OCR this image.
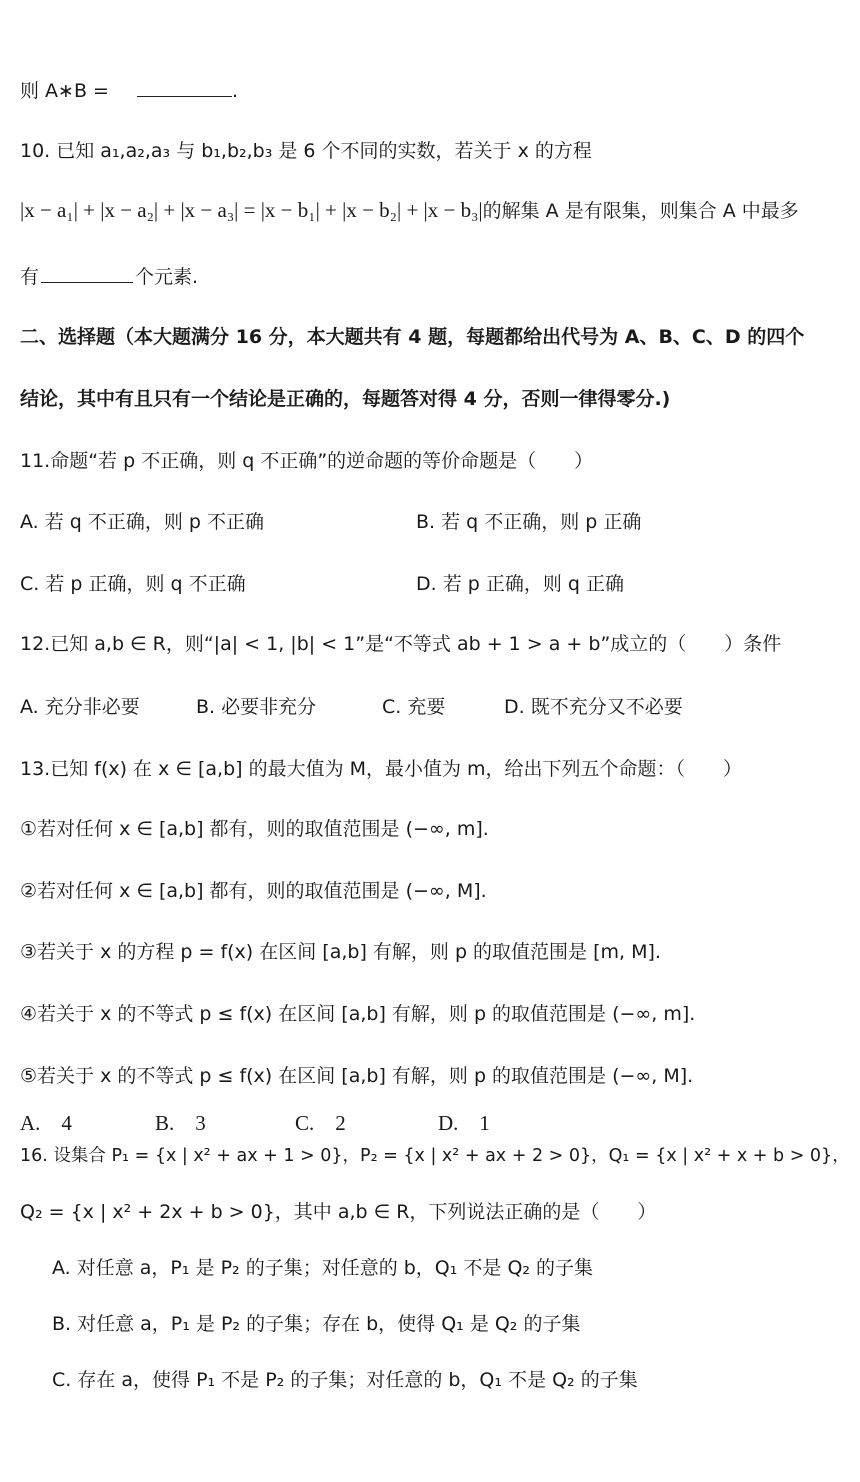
则 A∗B =	.
10. 已知 a₁,a₂,a₃ 与 b₁,b₂,b₃ 是 6 个不同的实数，若关于 x 的方程
|x − a₁| + |x − a₂| + |x − a₃| = |x − b₁| + |x − b₂| + |x − b₃|的解集 A 是有限集，则集合 A 中最多
有	个元素.
二、选择题（本大题满分 16 分，本大题共有 4 题，每题都给出代号为 A、B、C、D 的四个
结论，其中有且只有一个结论是正确的，每题答对得 4 分，否则一律得零分.)
11.命题“若 p 不正确，则 q 不正确”的逆命题的等价命题是（　　）
A. 若 q 不正确，则 p 不正确	B. 若 q 不正确，则 p 正确
C. 若 p 正确，则 q 不正确	D. 若 p 正确，则 q 正确
12.已知 a,b ∈ R，则“|a| < 1, |b| < 1”是“不等式 ab + 1 > a + b”成立的（　　）条件
A. 充分非必要	B. 必要非充分	C. 充要	D. 既不充分又不必要
13.已知 f(x) 在 x ∈ [a,b] 的最大值为 M，最小值为 m，给出下列五个命题：（　　）
①若对任何 x ∈ [a,b] 都有，则的取值范围是 (−∞, m].
②若对任何 x ∈ [a,b] 都有，则的取值范围是 (−∞, M].
③若关于 x 的方程 p = f(x) 在区间 [a,b] 有解，则 p 的取值范围是 [m, M].
④若关于 x 的不等式 p ≤ f(x) 在区间 [a,b] 有解，则 p 的取值范围是 (−∞, m].
⑤若关于 x 的不等式 p ≤ f(x) 在区间 [a,b] 有解，则 p 的取值范围是 (−∞, M].
A.　4	B.　3	C.　2	D.　1
16. 设集合 P₁ = {x | x² + ax + 1 > 0}，P₂ = {x | x² + ax + 2 > 0}，Q₁ = {x | x² + x + b > 0}，
Q₂ = {x | x² + 2x + b > 0}，其中 a,b ∈ R，下列说法正确的是（　　）
A. 对任意 a，P₁ 是 P₂ 的子集；对任意的 b，Q₁ 不是 Q₂ 的子集
B. 对任意 a，P₁ 是 P₂ 的子集；存在 b，使得 Q₁ 是 Q₂ 的子集
C. 存在 a，使得 P₁ 不是 P₂ 的子集；对任意的 b，Q₁ 不是 Q₂ 的子集
